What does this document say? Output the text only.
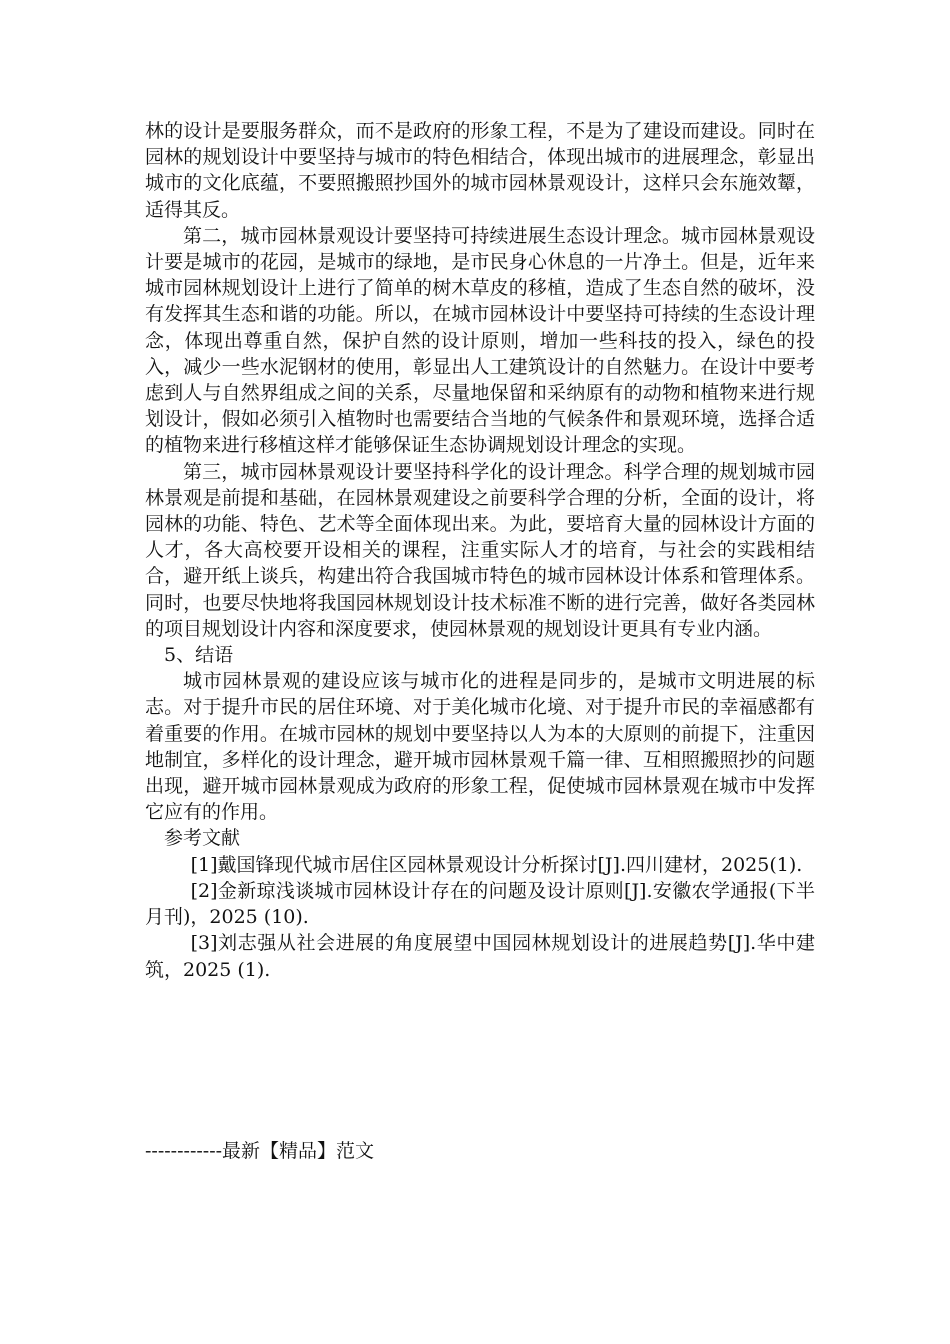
林的设计是要服务群众，而不是政府的形象工程，不是为了建设而建设。同时在园林的规划设计中要坚持与城市的特色相结合，体现出城市的进展理念，彰显出城市的文化底蕴，不要照搬照抄国外的城市园林景观设计，这样只会东施效颦，适得其反。

第二，城市园林景观设计要坚持可持续进展生态设计理念。城市园林景观设计要是城市的花园，是城市的绿地，是市民身心休息的一片净土。但是，近年来城市园林规划设计上进行了简单的树木草皮的移植，造成了生态自然的破坏，没有发挥其生态和谐的功能。所以，在城市园林设计中要坚持可持续的生态设计理念，体现出尊重自然，保护自然的设计原则，增加一些科技的投入，绿色的投入，减少一些水泥钢材的使用，彰显出人工建筑设计的自然魅力。在设计中要考虑到人与自然界组成之间的关系，尽量地保留和采纳原有的动物和植物来进行规划设计，假如必须引入植物时也需要结合当地的气候条件和景观环境，选择合适的植物来进行移植这样才能够保证生态协调规划设计理念的实现。

第三，城市园林景观设计要坚持科学化的设计理念。科学合理的规划城市园林景观是前提和基础，在园林景观建设之前要科学合理的分析，全面的设计，将园林的功能、特色、艺术等全面体现出来。为此，要培育大量的园林设计方面的人才，各大高校要开设相关的课程，注重实际人才的培育，与社会的实践相结合，避开纸上谈兵，构建出符合我国城市特色的城市园林设计体系和管理体系。同时，也要尽快地将我国园林规划设计技术标准不断的进行完善，做好各类园林的项目规划设计内容和深度要求，使园林景观的规划设计更具有专业内涵。

5、结语

城市园林景观的建设应该与城市化的进程是同步的，是城市文明进展的标志。对于提升市民的居住环境、对于美化城市化境、对于提升市民的幸福感都有着重要的作用。在城市园林的规划中要坚持以人为本的大原则的前提下，注重因地制宜，多样化的设计理念，避开城市园林景观千篇一律、互相照搬照抄的问题出现，避开城市园林景观成为政府的形象工程，促使城市园林景观在城市中发挥它应有的作用。

参考文献

[1]戴国锋现代城市居住区园林景观设计分析探讨[J].四川建材，2025(1).

[2]金新琼浅谈城市园林设计存在的问题及设计原则[J].安徽农学通报(下半月刊)，2025 (10).

[3]刘志强从社会进展的角度展望中国园林规划设计的进展趋势[J].华中建筑，2025 (1).

------------最新【精品】范文
